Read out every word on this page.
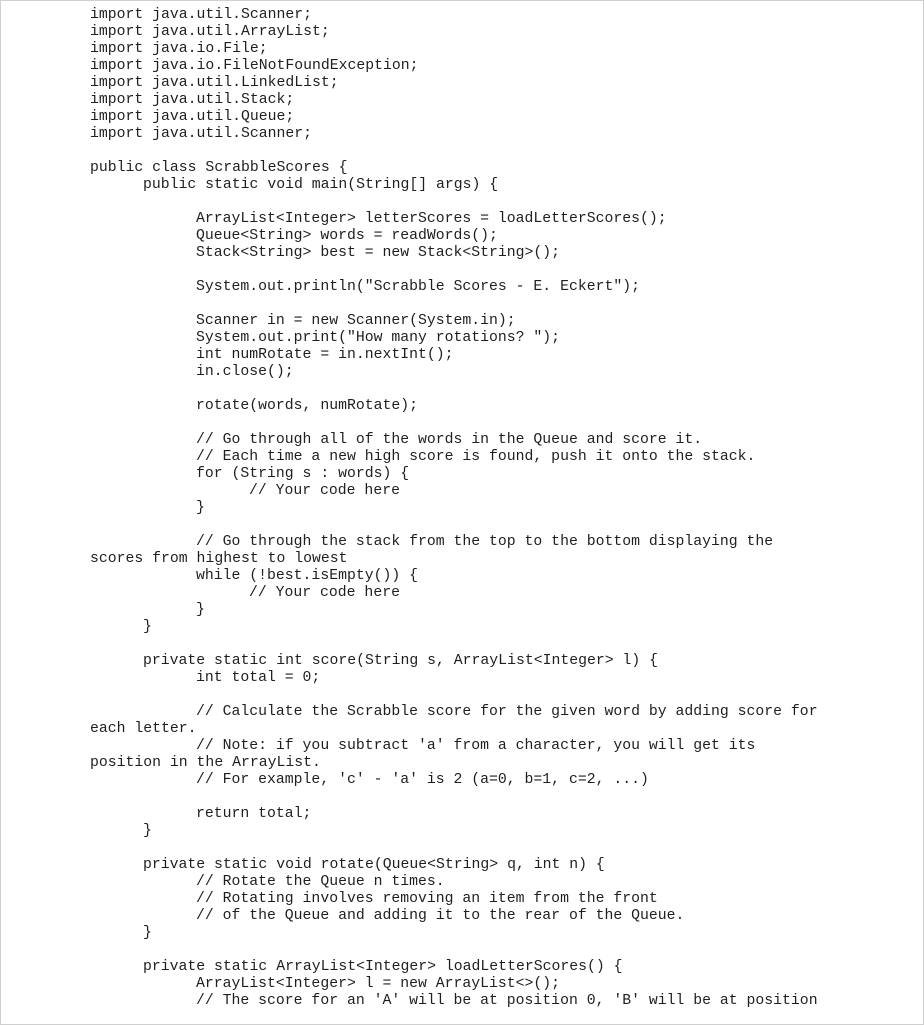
import java.util.Scanner;
import java.util.ArrayList;
import java.io.File;
import java.io.FileNotFoundException;
import java.util.LinkedList;
import java.util.Stack;
import java.util.Queue;
import java.util.Scanner;
public class ScrabbleScores {
public static void main(String[] args) {
ArrayList<Integer> letterScores = loadLetterScores();
Queue<String> words = readWords();
Stack<String> best = new Stack<String>();
System.out.println("Scrabble Scores - E. Eckert");
Scanner in = new Scanner(System.in);
System.out.print("How many rotations? ");
int numRotate = in.nextInt();
in.close();
rotate(words, numRotate);
// Go through all of the words in the Queue and score it.
// Each time a new high score is found, push it onto the stack.
for (String s : words) {
// Your code here
}
// Go through the stack from the top to the bottom displaying the
scores from highest to lowest
while (!best.isEmpty()) {
// Your code here
}
}
private static int score(String s, ArrayList<Integer> l) {
int total = 0;
// Calculate the Scrabble score for the given word by adding score for
each letter.
// Note: if you subtract 'a' from a character, you will get its
position in the ArrayList.
// For example, 'c' - 'a' is 2 (a=0, b=1, c=2, ...)
return total;
}
private static void rotate(Queue<String> q, int n) {
// Rotate the Queue n times.
// Rotating involves removing an item from the front
// of the Queue and adding it to the rear of the Queue.
}
private static ArrayList<Integer> loadLetterScores() {
ArrayList<Integer> l = new ArrayList<>();
// The score for an 'A' will be at position 0, 'B' will be at position
